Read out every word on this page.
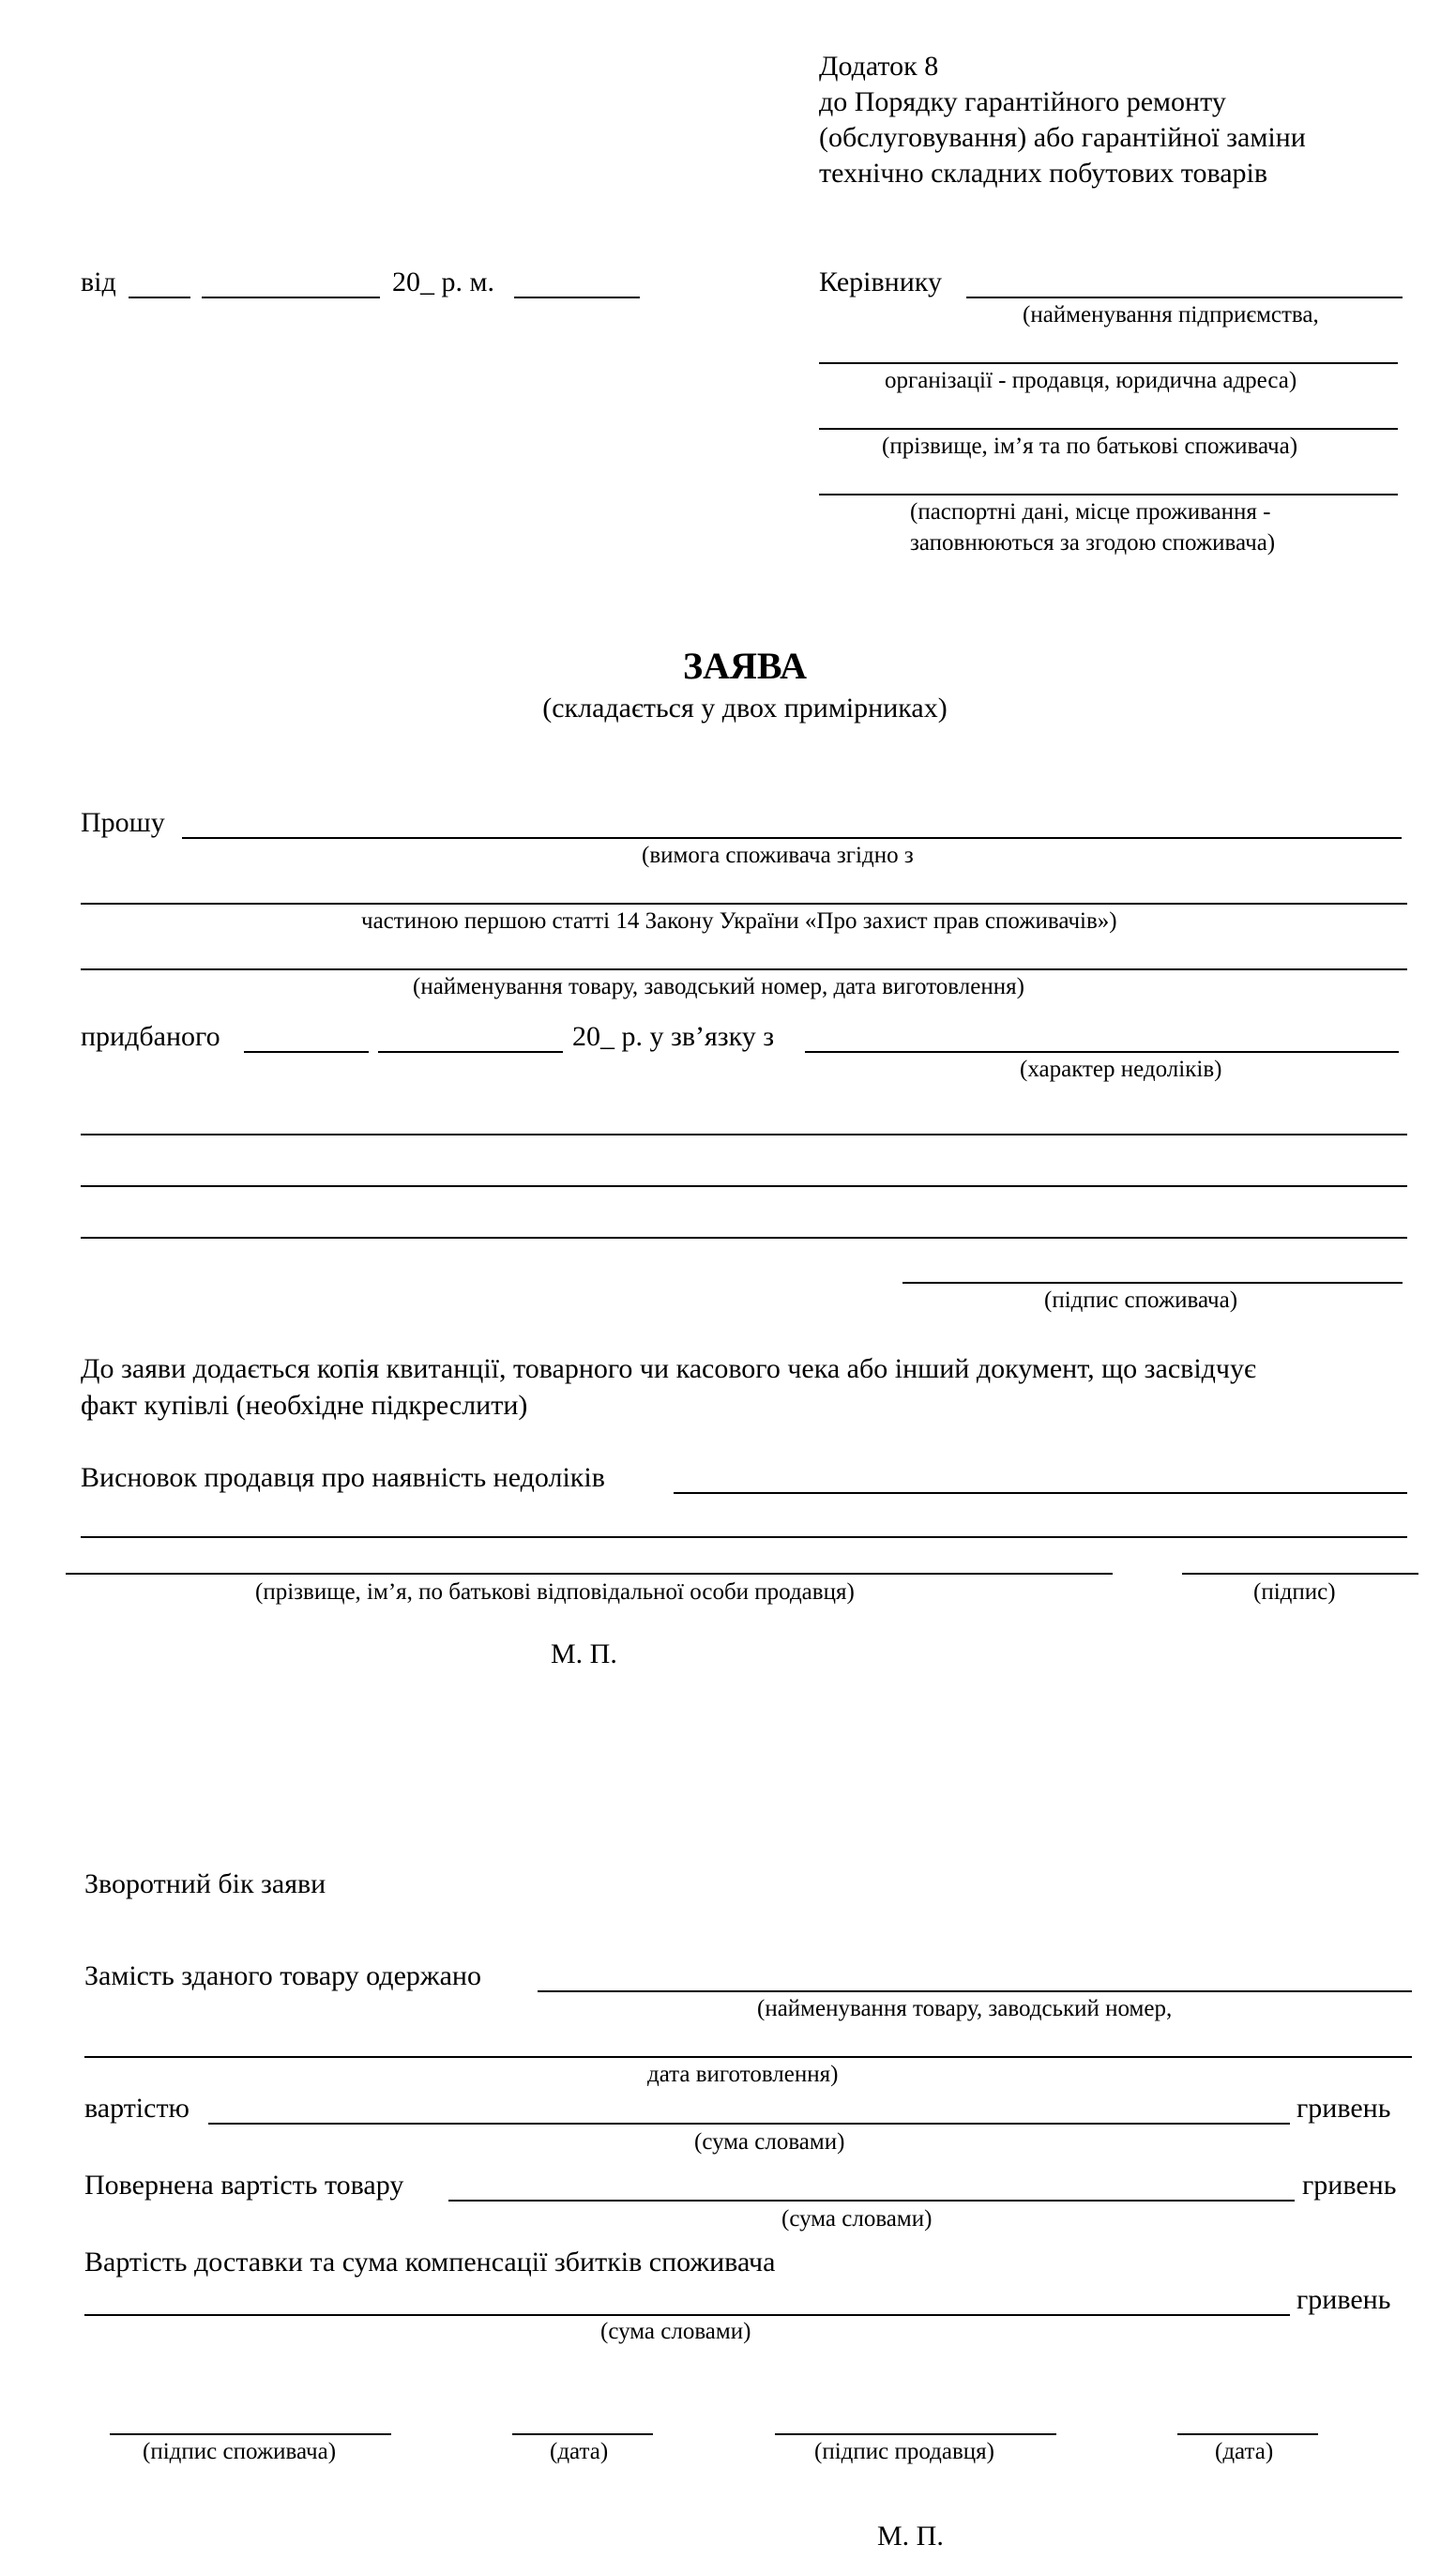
Додаток 8
до Порядку гарантійного ремонту
(обслуговування) або гарантійної заміни
технічно складних побутових товарів
від	20_ р. м.	Керівнику
(найменування підприємства,
організації - продавця, юридична адреса)
(прізвище, ім’я та по батькові споживача)
(паспортні дані, місце проживання -
заповнюються за згодою споживача)
ЗАЯВА
(складається у двох примірниках)
Прошу
(вимога споживача згідно з
частиною першою статті 14 Закону України «Про захист прав споживачів»)
(найменування товару, заводський номер, дата виготовлення)
придбаного	20_ р. у зв’язку з
(характер недоліків)
(підпис споживача)
До заяви додається копія квитанції, товарного чи касового чека або інший документ, що засвідчує
факт купівлі (необхідне підкреслити)
Висновок продавця про наявність недоліків
(прізвище, ім’я, по батькові відповідальної особи продавця)	(підпис)
М. П.
Зворотний бік заяви
Замість зданого товару одержано
(найменування товару, заводський номер,
дата виготовлення)
вартістю	гривень
(сума словами)
Повернена вартість товару	гривень
(сума словами)
Вартість доставки та сума компенсації збитків споживача
гривень
(сума словами)
(підпис споживача)	(дата)	(підпис продавця)	(дата)
М. П.
